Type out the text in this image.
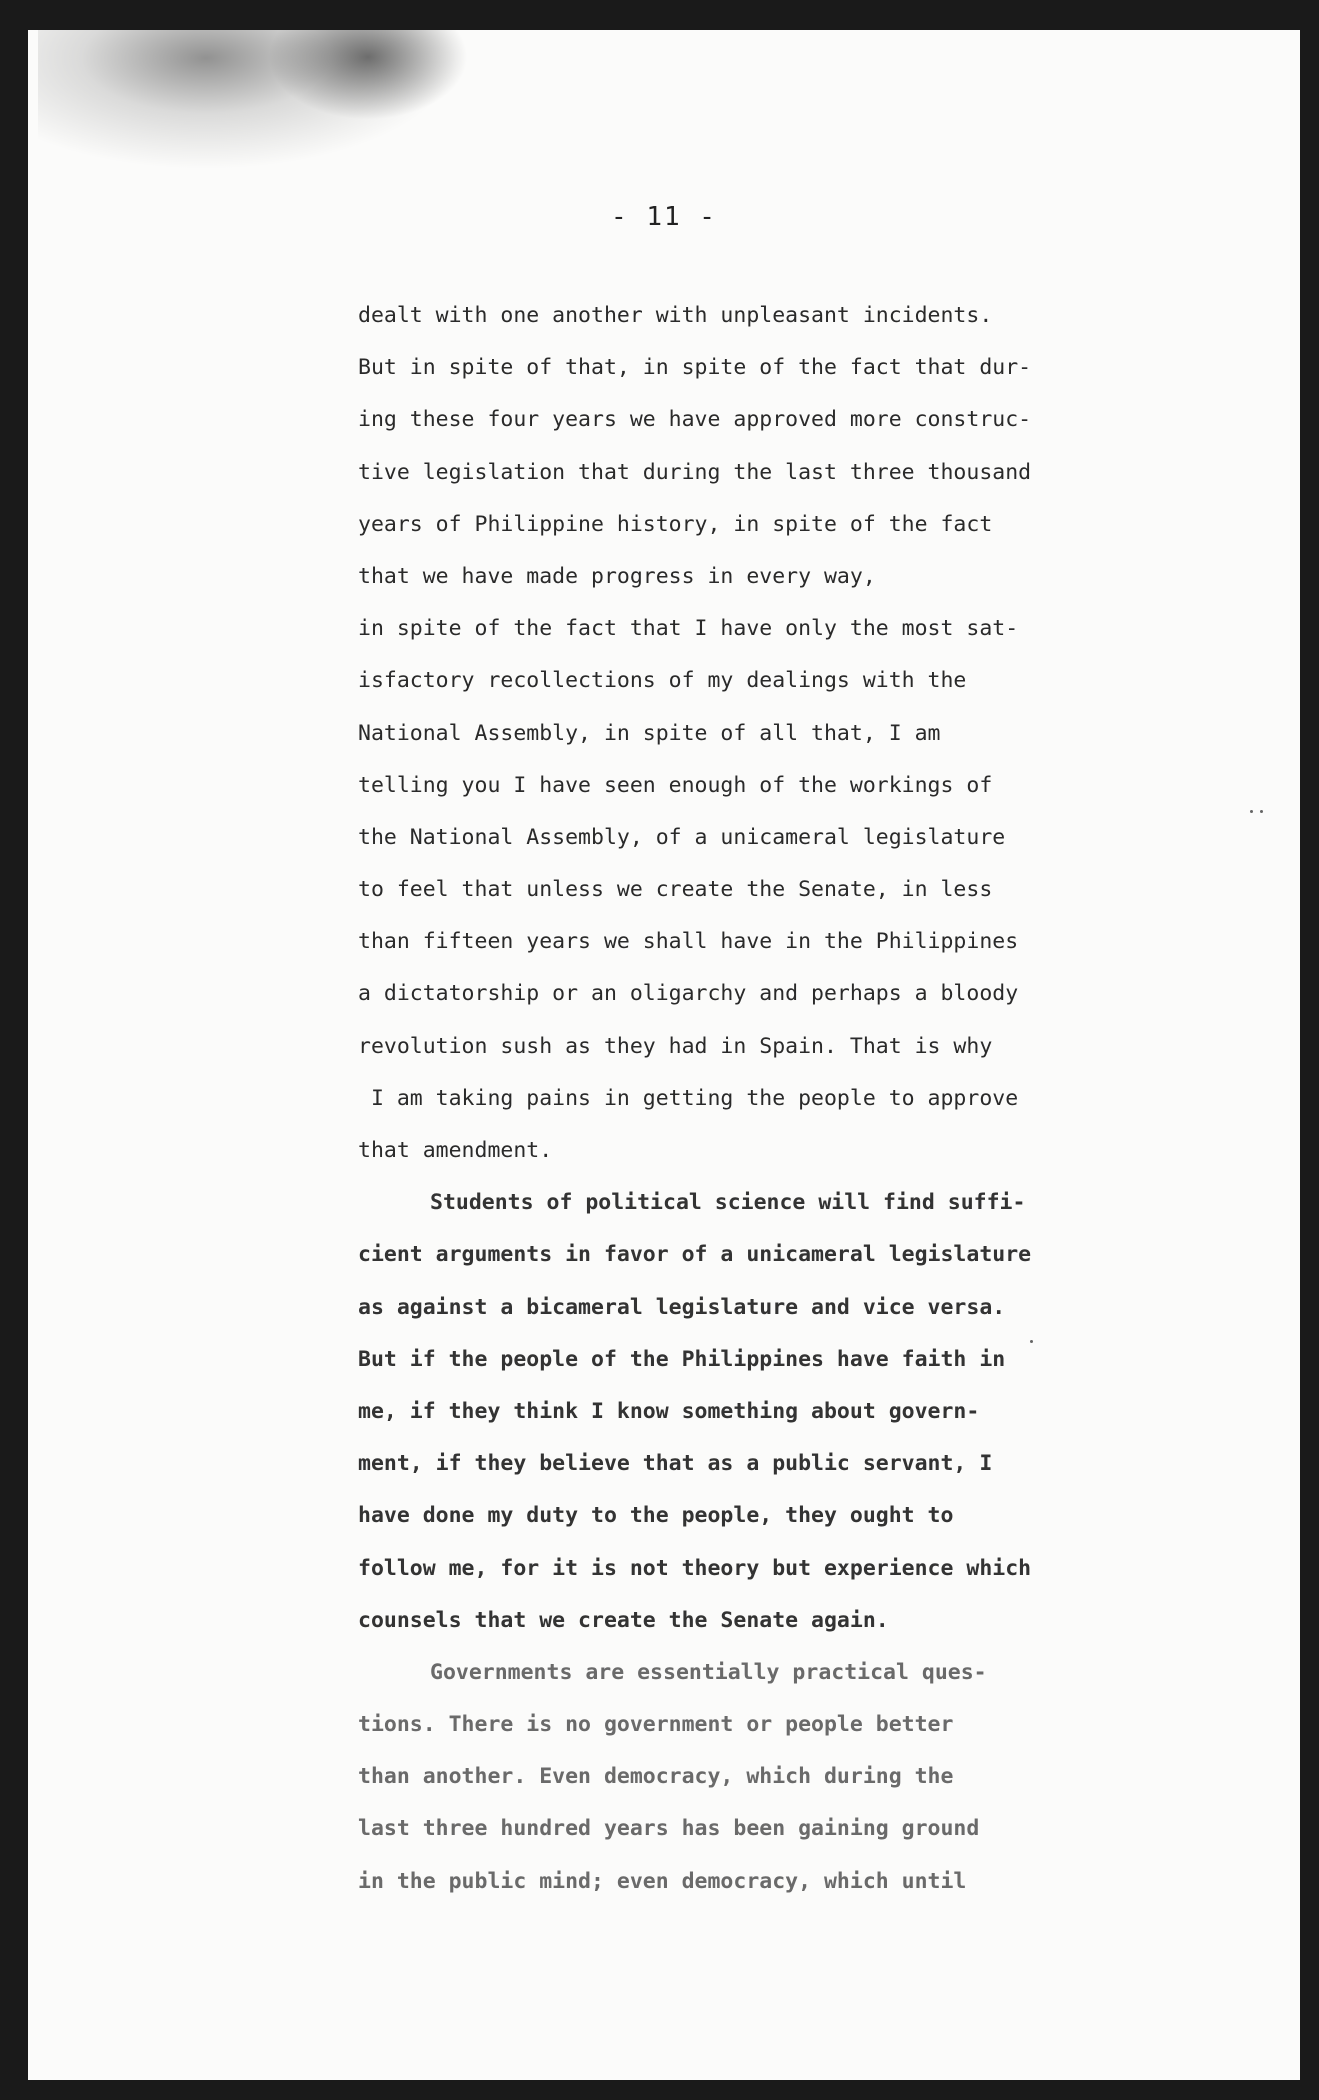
- 11 -
dealt with one another with unpleasant incidents.
But in spite of that, in spite of the fact that dur-
ing these four years we have approved more construc-
tive legislation that during the last three thousand
years of Philippine history, in spite of the fact
that we have made progress in every way,
in spite of the fact that I have only the most sat-
isfactory recollections of my dealings with the
National Assembly, in spite of all that, I am
telling you I have seen enough of the workings of
the National Assembly, of a unicameral legislature
to feel that unless we create the Senate, in less
than fifteen years we shall have in the Philippines
a dictatorship or an oligarchy and perhaps a bloody
revolution sush as they had in Spain. That is why
I am taking pains in getting the people to approve
that amendment.
Students of political science will find suffi-
cient arguments in favor of a unicameral legislature
as against a bicameral legislature and vice versa.
But if the people of the Philippines have faith in
me, if they think I know something about govern-
ment, if they believe that as a public servant, I
have done my duty to the people, they ought to
follow me, for it is not theory but experience which
counsels that we create the Senate again.
Governments are essentially practical ques-
tions. There is no government or people better
than another. Even democracy, which during the
last three hundred years has been gaining ground
in the public mind; even democracy, which until
